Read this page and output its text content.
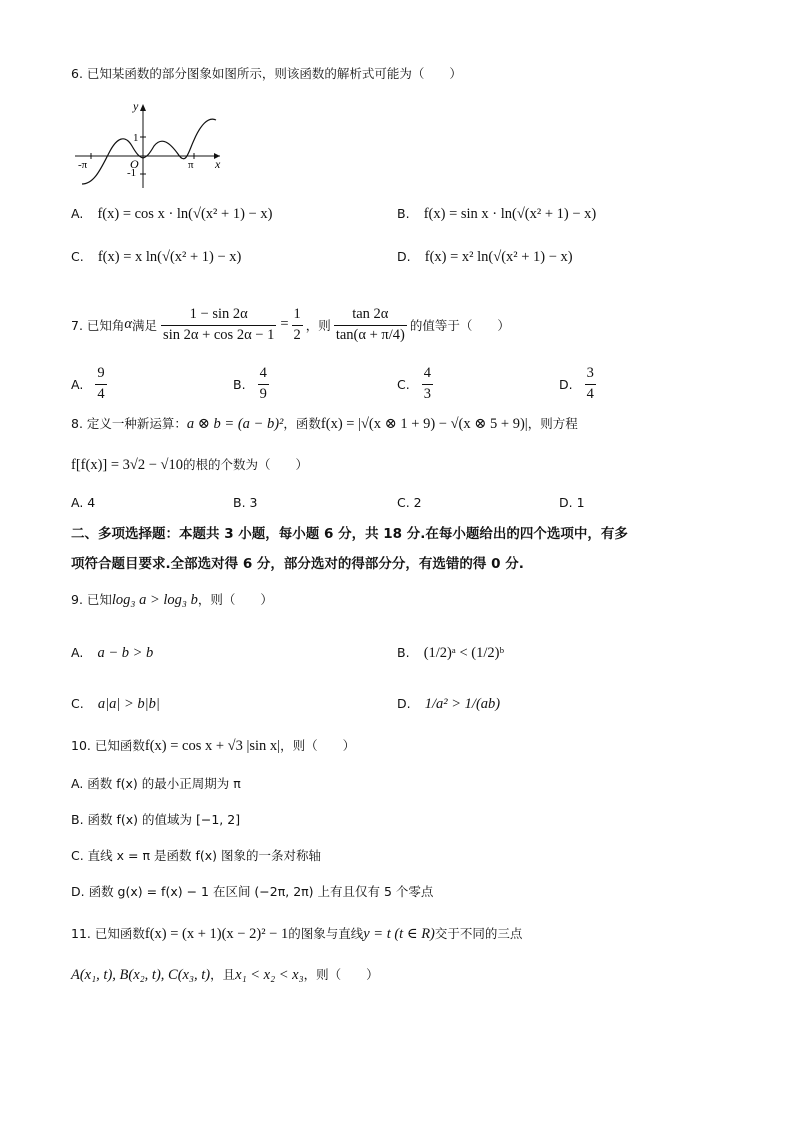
6. 已知某函数的部分图象如图所示，则该函数的解析式可能为（　　）
y
1
-1
O
-π	π x
A. f(x) = cos x · ln(√(x² + 1) − x)	B. f(x) = sin x · ln(√(x² + 1) − x)
C. f(x) = x ln(√(x² + 1) − x)	D. f(x) = x² ln(√(x² + 1) − x)
7. 已知角 α 满足 $\frac{1 - \sin 2\alpha}{\sin 2\alpha + \cos 2\alpha - 1} = \frac{1}{2}$ ，则
tan 2α
tan(α + π/4)
的值等于（　　）
A.
9
4
B.
4
9
C.
4
3
D.
3
4
8. 定义一种新运算：a ⊗ b = (a − b)²，函数f(x) = |√(x ⊗ 1 + 9) − √(x ⊗ 5 + 9)|，则方程
f[f(x)] = 3√2 − √10的根的个数为（　　）
A. 4	B. 3	C. 2	D. 1
二、多项选择题：本题共 3 小题，每小题 6 分，共 18 分.在每小题给出的四个选项中，有多
项符合题目要求.全部选对得 6 分，部分选对的得部分分，有选错的得 0 分.
9. 已知log₃ a > log₃ b，则（　　）
A. a − b > b	B. (1/2)ᵃ < (1/2)ᵇ
C. a|a| > b|b|	D. 1/a² > 1/(ab)
10. 已知函数f(x) = cos x + √3 |sin x|，则（　　）
A. 函数 f(x) 的最小正周期为 π
B. 函数 f(x) 的值域为 [−1, 2]
C. 直线 x = π 是函数 f(x) 图象的一条对称轴
D. 函数 g(x) = f(x) − 1 在区间 (−2π, 2π) 上有且仅有 5 个零点
11. 已知函数f(x) = (x + 1)(x − 2)² − 1的图象与直线y = t (t ∈ R)交于不同的三点
A(x₁, t), B(x₂, t), C(x₃, t)，且x₁ < x₂ < x₃，则（　　）
